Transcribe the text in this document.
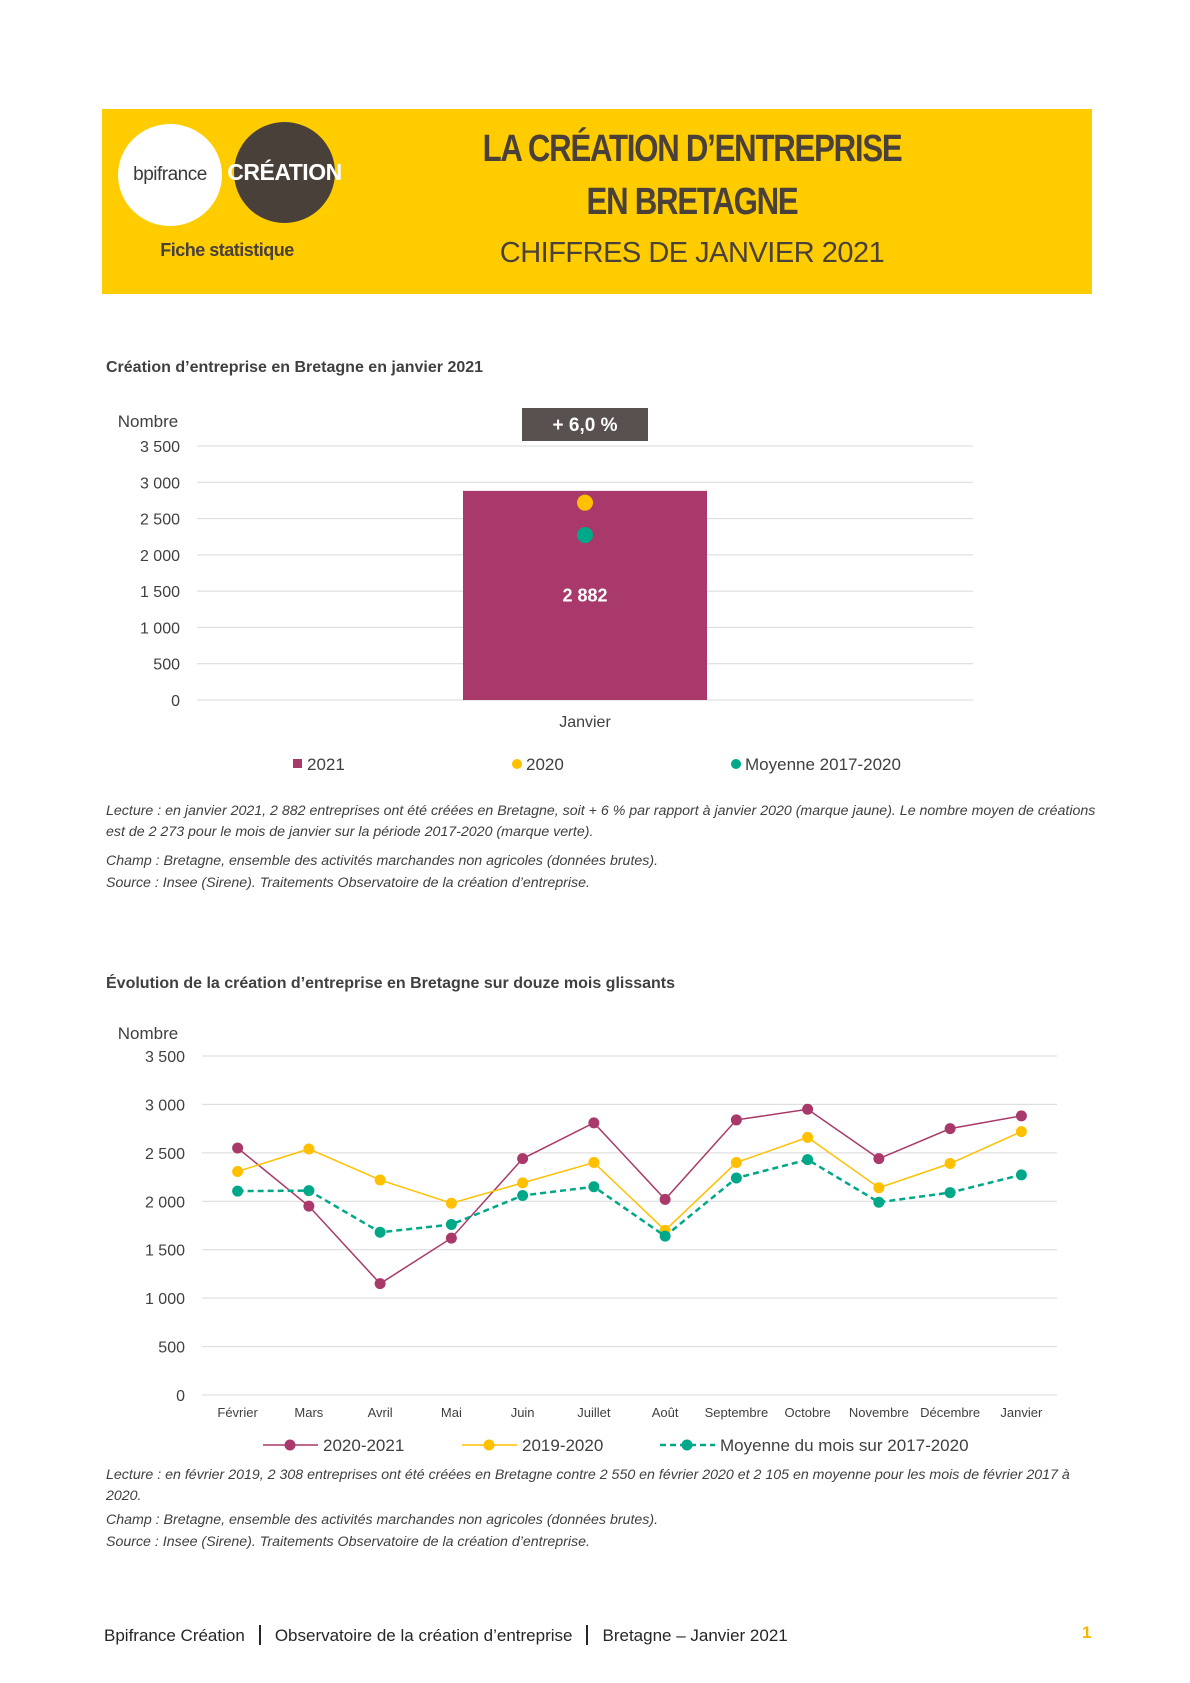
bpifrance CRÉATION
Fiche statistique
LA CRÉATION D’ENTREPRISE
EN BRETAGNE
CHIFFRES DE JANVIER 2021
Création d’entreprise en Bretagne en janvier 2021
Nombre
0
500
1 000
1 500
2 000
2 500
3 000
3 500
Janvier
2 882
+ 6,0 %
2021	2020	Moyenne 2017-2020
Lecture : en janvier 2021, 2 882 entreprises ont été créées en Bretagne, soit + 6 % par rapport à janvier 2020 (marque jaune). Le nombre moyen de créations est de 2 273 pour le mois de janvier sur la période 2017-2020 (marque verte).
Champ : Bretagne, ensemble des activités marchandes non agricoles (données brutes).
Source : Insee (Sirene). Traitements Observatoire de la création d’entreprise.
Évolution de la création d’entreprise en Bretagne sur douze mois glissants
Nombre
0
500
1 000
1 500
2 000
2 500
3 000
3 500
Février	Mars	Avril	Mai	Juin	Juillet	Août Septembre Octobre Novembre Décembre Janvier
2020-2021	2019-2020	Moyenne du mois sur 2017-2020
Lecture : en février 2019, 2 308 entreprises ont été créées en Bretagne contre 2 550 en février 2020 et 2 105 en moyenne pour les mois de février 2017 à 2020.
Champ : Bretagne, ensemble des activités marchandes non agricoles (données brutes).
Source : Insee (Sirene). Traitements Observatoire de la création d’entreprise.
Bpifrance Création Observatoire de la création d’entreprise Bretagne – Janvier 2021	1
